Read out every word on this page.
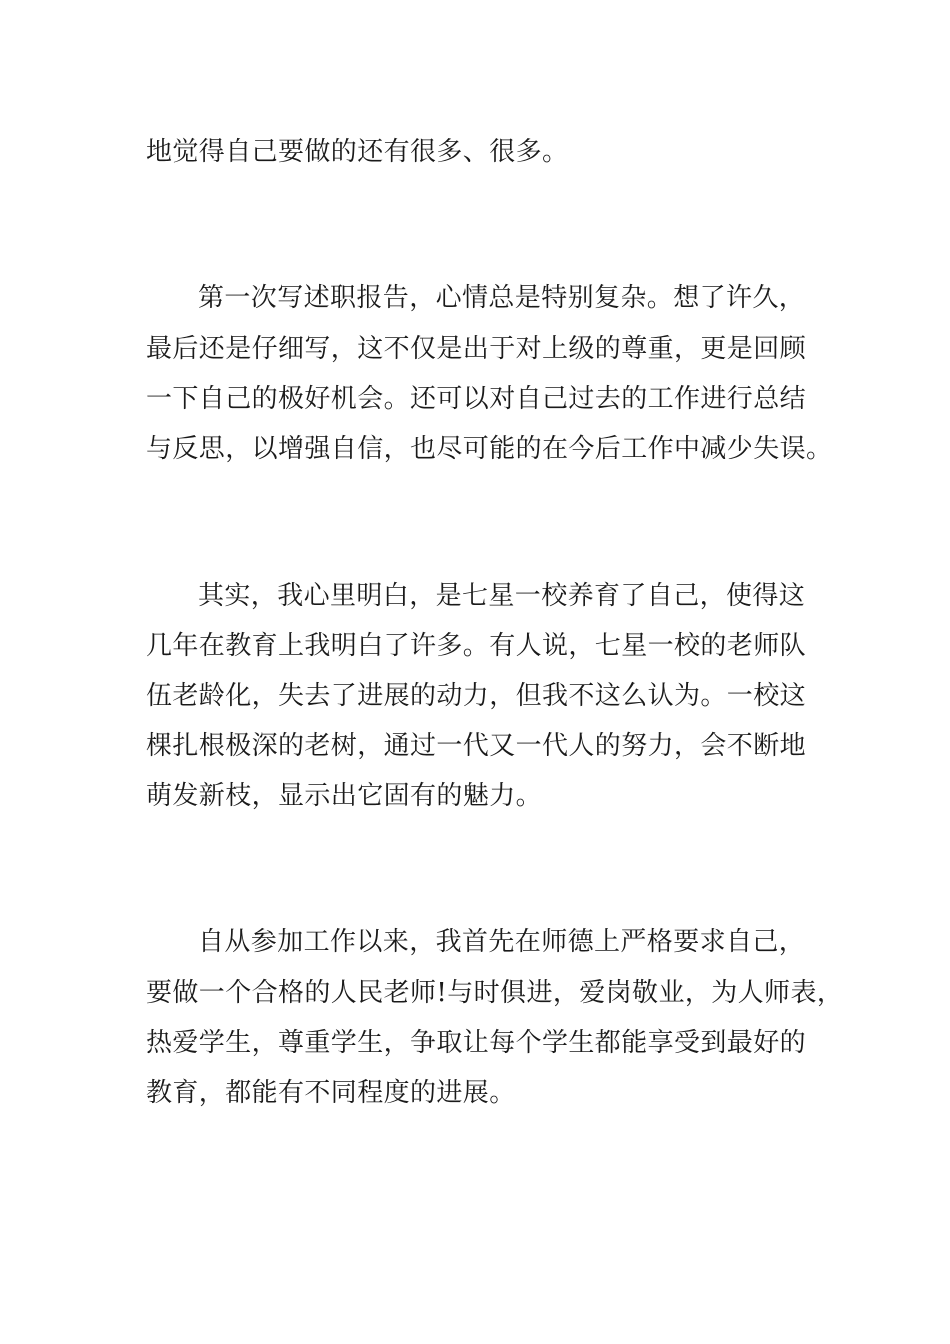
地觉得自己要做的还有很多、很多。

第一次写述职报告，心情总是特别复杂。想了许久，

最后还是仔细写，这不仅是出于对上级的尊重，更是回顾

一下自己的极好机会。还可以对自己过去的工作进行总结

与反思，以增强自信，也尽可能的在今后工作中减少失误。

其实，我心里明白，是七星一校养育了自己，使得这

几年在教育上我明白了许多。有人说，七星一校的老师队

伍老龄化，失去了进展的动力，但我不这么认为。一校这

棵扎根极深的老树，通过一代又一代人的努力，会不断地

萌发新枝，显示出它固有的魅力。

自从参加工作以来，我首先在师德上严格要求自己，

要做一个合格的人民老师!与时俱进，爱岗敬业，为人师表，

热爱学生，尊重学生，争取让每个学生都能享受到最好的

教育，都能有不同程度的进展。
